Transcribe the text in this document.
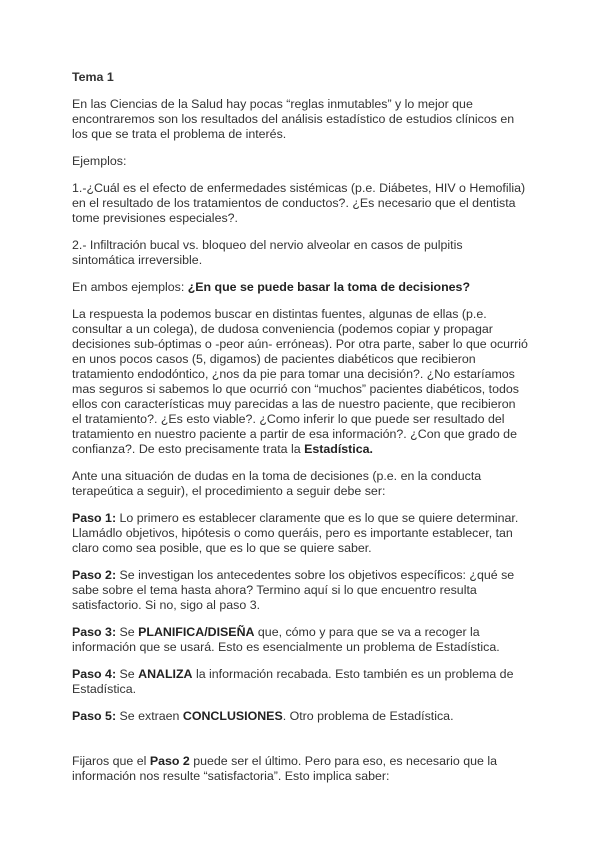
Tema 1

En las Ciencias de la Salud hay pocas “reglas inmutables” y lo mejor que encontraremos son los resultados del análisis estadístico de estudios clínicos en los que se trata el problema de interés.

Ejemplos:

1.-¿Cuál es el efecto de enfermedades sistémicas (p.e. Diábetes, HIV o Hemofilia) en el resultado de los tratamientos de conductos?. ¿Es necesario que el dentista tome previsiones especiales?.

2.- Infiltración bucal vs. bloqueo del nervio alveolar en casos de pulpitis sintomática irreversible.

En ambos ejemplos: ¿En que se puede basar la toma de decisiones?

La respuesta la podemos buscar en distintas fuentes, algunas de ellas (p.e. consultar a un colega), de dudosa conveniencia (podemos copiar y propagar decisiones sub-óptimas o -peor aún- erróneas). Por otra parte, saber lo que ocurrió en unos pocos casos (5, digamos) de pacientes diabéticos que recibieron tratamiento endodóntico, ¿nos da pie para tomar una decisión?. ¿No estaríamos mas seguros si sabemos lo que ocurrió con “muchos” pacientes diabéticos, todos ellos con características muy parecidas a las de nuestro paciente, que recibieron el tratamiento?. ¿Es esto viable?. ¿Como inferir lo que puede ser resultado del tratamiento en nuestro paciente a partir de esa información?. ¿Con que grado de confianza?. De esto precisamente trata la Estadística.

Ante una situación de dudas en la toma de decisiones (p.e. en la conducta terapeútica a seguir), el procedimiento a seguir debe ser:

Paso 1: Lo primero es establecer claramente que es lo que se quiere determinar. Llamádlo objetivos, hipótesis o como queráis, pero es importante establecer, tan claro como sea posible, que es lo que se quiere saber.

Paso 2: Se investigan los antecedentes sobre los objetivos específicos: ¿qué se sabe sobre el tema hasta ahora? Termino aquí si lo que encuentro resulta satisfactorio. Si no, sigo al paso 3.

Paso 3: Se PLANIFICA/DISEÑA que, cómo y para que se va a recoger la información que se usará. Esto es esencialmente un problema de Estadística.

Paso 4: Se ANALIZA la información recabada. Esto también es un problema de Estadística.

Paso 5: Se extraen CONCLUSIONES. Otro problema de Estadística.

Fijaros que el Paso 2 puede ser el último. Pero para eso, es necesario que la información nos resulte “satisfactoria”. Esto implica saber:
